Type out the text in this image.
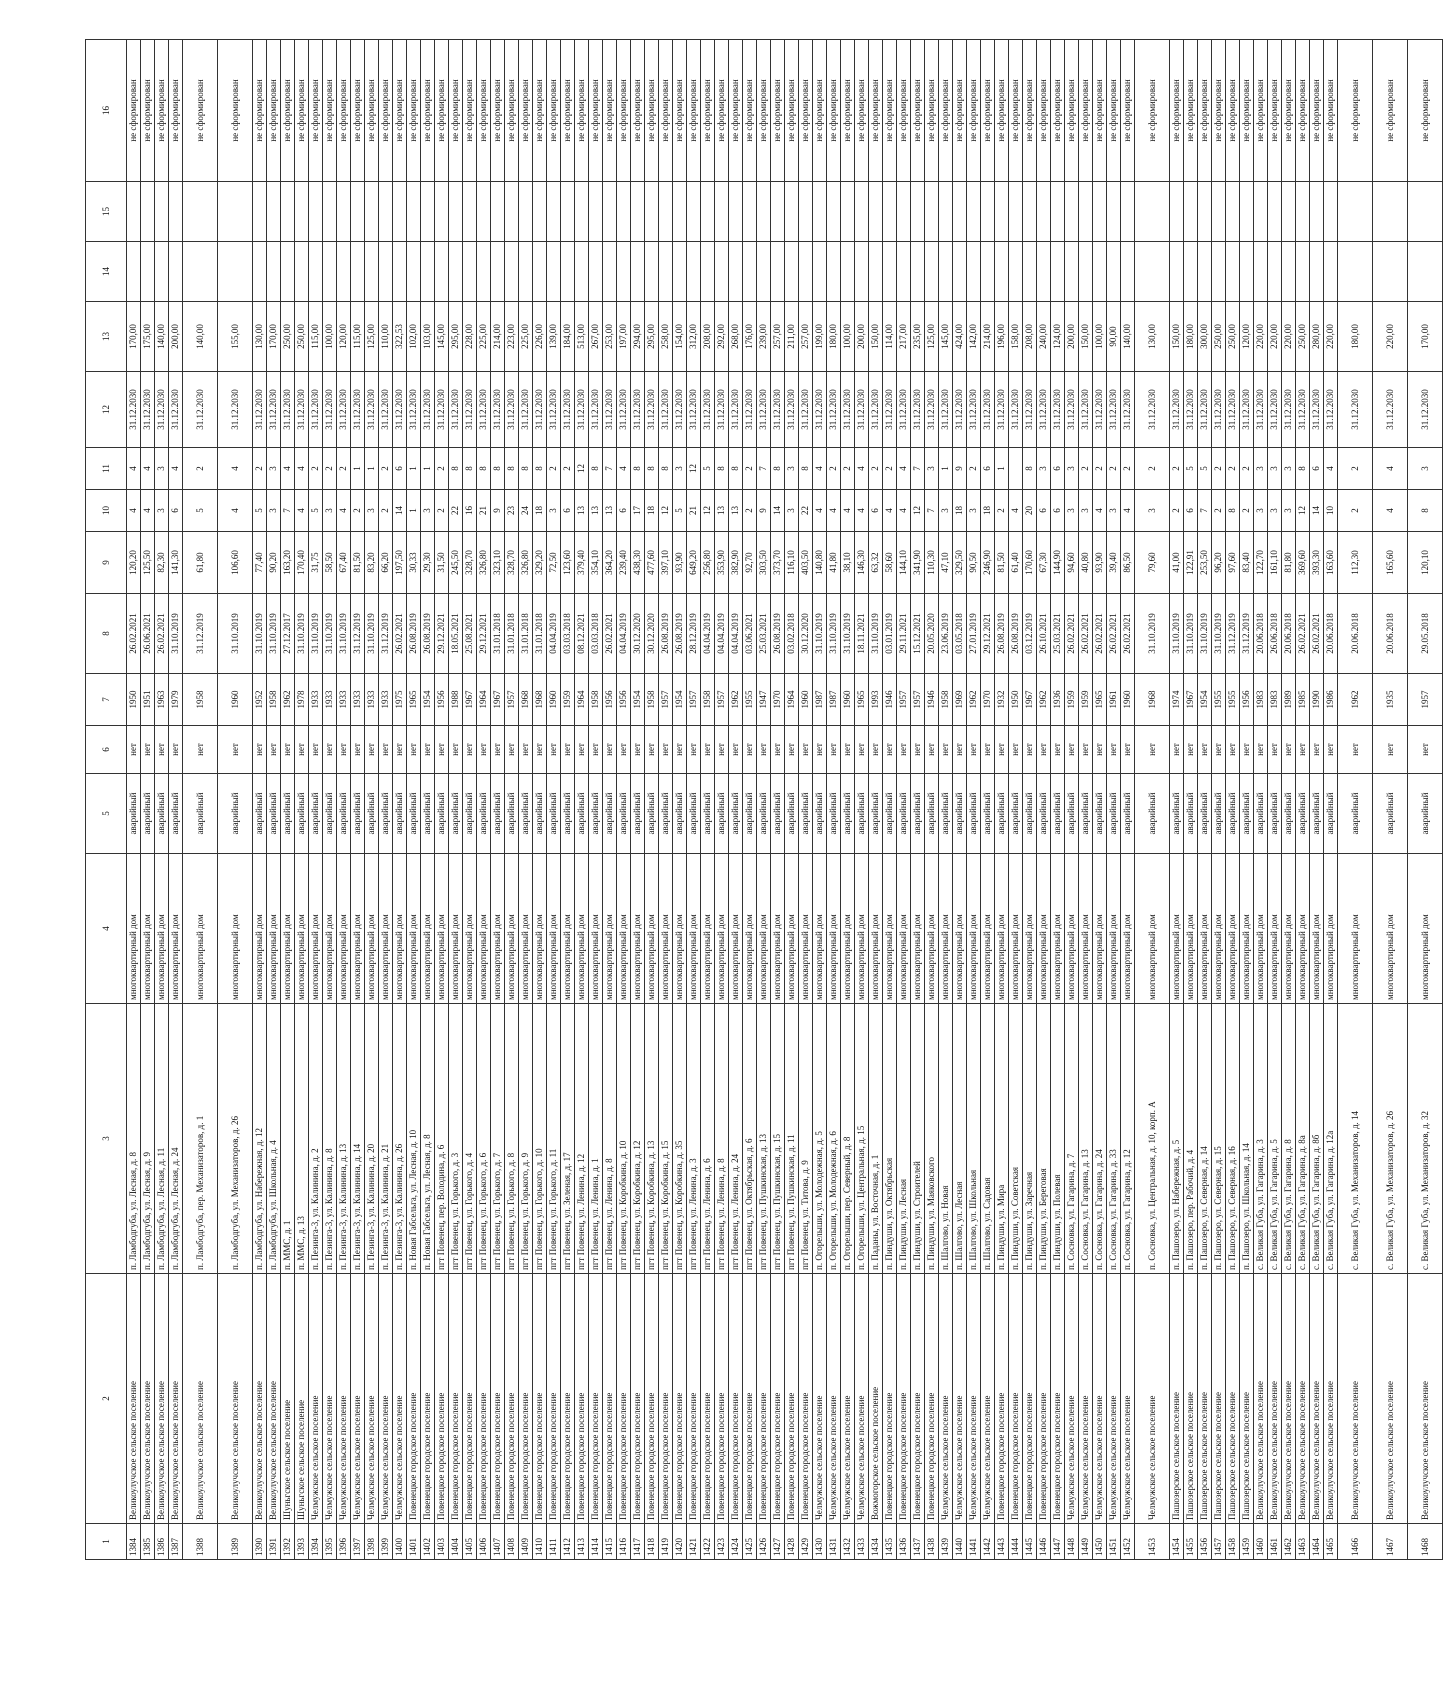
1	2	3	4	5	6	7	8	9	10	11	12	13	14	15	16
1384	Великоулучское сельское поселение	п. Ламбодгуба, ул. Лесная, д. 8	многоквартирный дом	аварийный	нет	1950	26.02.2021	120,20	4	4	31.12.2030	170,00			не сформирован
1385	Великоулучское сельское поселение	п. Ламбодгуба, ул. Лесная, д. 9	многоквартирный дом	аварийный	нет	1951	26.06.2021	125,50	4	4	31.12.2030	175,00			не сформирован
1386	Великоулучское сельское поселение	п. Ламбодгуба, ул. Лесная, д. 11	многоквартирный дом	аварийный	нет	1963	26.02.2021	82,30	3	3	31.12.2030	140,00			не сформирован
1387	Великоулучское сельское поселение	п. Ламбодгуба, ул. Лесная, д. 24	многоквартирный дом	аварийный	нет	1979	31.10.2019	141,30	6	4	31.12.2030	200,00			не сформирован
1388	Великоулучское сельское поселение	п. Ламбодгуба, пер. Механизаторов, д. 1	многоквартирный дом	аварийный	нет	1958	31.12.2019	61,80	5	2	31.12.2030	140,00			не сформирован
1389	Великоулучское сельское поселение	п. Ламбодгуба, ул. Механизаторов, д. 26	многоквартирный дом	аварийный	нет	1960	31.10.2019	106,60	4	4	31.12.2030	155,00			не сформирован
1390	Великоулучское сельское поселение	п. Ламбодгуба, ул. Набережная, д. 12	многоквартирный дом	аварийный	нет	1952	31.10.2019	77,40	5	2	31.12.2030	130,00			не сформирован
1391	Великоулучское сельское поселение	п. Ламбодгуба, ул. Школьная, д. 4	многоквартирный дом	аварийный	нет	1958	31.10.2019	90,20	3	3	31.12.2030	170,00			не сформирован
1392	Шуньгское сельское поселение	п. ММС, д. 1	многоквартирный дом	аварийный	нет	1962	27.12.2017	163,20	7	4	31.12.2030	250,00			не сформирован
1393	Шуньгское сельское поселение	п. ММС, д. 13	многоквартирный дом	аварийный	нет	1978	31.10.2019	170,40	4	4	31.12.2030	250,00			не сформирован
1394	Челмужское сельское поселение	п. Пезинга-3, ул. Калинина, д. 2	многоквартирный дом	аварийный	нет	1933	31.10.2019	31,75	5	2	31.12.2030	115,00			не сформирован
1395	Челмужское сельское поселение	п. Пезинга-3, ул. Калинина, д. 8	многоквартирный дом	аварийный	нет	1933	31.10.2019	58,50	3	2	31.12.2030	100,00			не сформирован
1396	Челмужское сельское поселение	п. Пезинга-3, ул. Калинина, д. 13	многоквартирный дом	аварийный	нет	1933	31.10.2019	67,40	4	2	31.12.2030	120,00			не сформирован
1397	Челмужское сельское поселение	п. Пезинга-3, ул. Калинина, д. 14	многоквартирный дом	аварийный	нет	1933	31.12.2019	81,50	2	1	31.12.2030	115,00			не сформирован
1398	Челмужское сельское поселение	п. Пезинга-3, ул. Калинина, д. 20	многоквартирный дом	аварийный	нет	1933	31.10.2019	83,20	3	1	31.12.2030	125,00			не сформирован
1399	Челмужское сельское поселение	п. Пезинга-3, ул. Калинина, д. 21	многоквартирный дом	аварийный	нет	1933	31.12.2019	66,20	2	2	31.12.2030	110,00			не сформирован
1400	Челмужское сельское поселение	п. Пезинга-3, ул. Калинина, д. 26	многоквартирный дом	аварийный	нет	1975	26.02.2021	197,50	14	6	31.12.2030	322,53			не сформирован
1401	Повенецкое городское поселение	п. Новая Габсельга, ул. Лесная, д. 10	многоквартирный дом	аварийный	нет	1965	26.08.2019	30,33	1	1	31.12.2030	102,00			не сформирован
1402	Повенецкое городское поселение	п. Новая Габсельга, ул. Лесная, д. 8	многоквартирный дом	аварийный	нет	1954	26.08.2019	29,30	3	1	31.12.2030	103,00			не сформирован
1403	Повенецкое городское поселение	пгт Повенец, пер. Володина, д. 6	многоквартирный дом	аварийный	нет	1956	29.12.2021	31,50	2	2	31.12.2030	145,00			не сформирован
1404	Повенецкое городское поселение	пгт Повенец, ул. Горького, д. 3	многоквартирный дом	аварийный	нет	1988	18.05.2021	245,50	22	8	31.12.2030	295,00			не сформирован
1405	Повенецкое городское поселение	пгт Повенец, ул. Горького, д. 4	многоквартирный дом	аварийный	нет	1967	25.08.2021	328,70	16	8	31.12.2030	228,00			не сформирован
1406	Повенецкое городское поселение	пгт Повенец, ул. Горького, д. 6	многоквартирный дом	аварийный	нет	1964	29.12.2021	326,80	21	8	31.12.2030	225,00			не сформирован
1407	Повенецкое городское поселение	пгт Повенец, ул. Горького, д. 7	многоквартирный дом	аварийный	нет	1967	31.01.2018	323,10	9	8	31.12.2030	214,00			не сформирован
1408	Повенецкое городское поселение	пгт Повенец, ул. Горького, д. 8	многоквартирный дом	аварийный	нет	1957	31.01.2018	328,70	23	8	31.12.2030	223,00			не сформирован
1409	Повенецкое городское поселение	пгт Повенец, ул. Горького, д. 9	многоквартирный дом	аварийный	нет	1968	31.01.2018	326,80	24	8	31.12.2030	225,00			не сформирован
1410	Повенецкое городское поселение	пгт Повенец, ул. Горького, д. 10	многоквартирный дом	аварийный	нет	1968	31.01.2018	329,20	18	8	31.12.2030	226,00			не сформирован
1411	Повенецкое городское поселение	пгт Повенец, ул. Горького, д. 11	многоквартирный дом	аварийный	нет	1960	04.04.2019	72,50	3	2	31.12.2030	139,00			не сформирован
1412	Повенецкое городское поселение	пгт Повенец, ул. Зеленая, д. 17	многоквартирный дом	аварийный	нет	1959	03.03.2018	123,60	6	2	31.12.2030	184,00			не сформирован
1413	Повенецкое городское поселение	пгт Повенец, ул. Ленина, д. 12	многоквартирный дом	аварийный	нет	1964	08.12.2021	379,40	13	12	31.12.2030	513,00			не сформирован
1414	Повенецкое городское поселение	пгт Повенец, ул. Ленина, д. 1	многоквартирный дом	аварийный	нет	1958	03.03.2018	354,10	13	8	31.12.2030	267,00			не сформирован
1415	Повенецкое городское поселение	пгт Повенец, ул. Ленина, д. 8	многоквартирный дом	аварийный	нет	1956	26.02.2021	364,20	13	7	31.12.2030	253,00			не сформирован
1416	Повенецкое городское поселение	пгт Повенец, ул. Коробкина, д. 10	многоквартирный дом	аварийный	нет	1956	04.04.2019	239,40	6	4	31.12.2030	197,00			не сформирован
1417	Повенецкое городское поселение	пгт Повенец, ул. Коробкина, д. 12	многоквартирный дом	аварийный	нет	1954	30.12.2020	438,30	17	8	31.12.2030	294,00			не сформирован
1418	Повенецкое городское поселение	пгт Повенец, ул. Коробкина, д. 13	многоквартирный дом	аварийный	нет	1958	30.12.2020	477,60	18	8	31.12.2030	295,00			не сформирован
1419	Повенецкое городское поселение	пгт Повенец, ул. Коробкина, д. 15	многоквартирный дом	аварийный	нет	1957	26.08.2019	397,10	12	8	31.12.2030	258,00			не сформирован
1420	Повенецкое городское поселение	пгт Повенец, ул. Коробкина, д. 35	многоквартирный дом	аварийный	нет	1954	26.08.2019	93,90	5	3	31.12.2030	154,00			не сформирован
1421	Повенецкое городское поселение	пгт Повенец, ул. Ленина, д. 3	многоквартирный дом	аварийный	нет	1957	28.12.2019	649,20	21	12	31.12.2030	312,00			не сформирован
1422	Повенецкое городское поселение	пгт Повенец, ул. Ленина, д. 6	многоквартирный дом	аварийный	нет	1958	04.04.2019	256,80	12	5	31.12.2030	208,00			не сформирован
1423	Повенецкое городское поселение	пгт Повенец, ул. Ленина, д. 8	многоквартирный дом	аварийный	нет	1957	04.04.2019	353,90	13	8	31.12.2030	292,00			не сформирован
1424	Повенецкое городское поселение	пгт Повенец, ул. Ленина, д. 24	многоквартирный дом	аварийный	нет	1962	04.04.2019	382,90	13	8	31.12.2030	268,00			не сформирован
1425	Повенецкое городское поселение	пгт Повенец, ул. Октябрьская, д. 6	многоквартирный дом	аварийный	нет	1955	03.06.2021	92,70	2	2	31.12.2030	176,00			не сформирован
1426	Повенецкое городское поселение	пгт Повенец, ул. Пушкинская, д. 13	многоквартирный дом	аварийный	нет	1947	25.03.2021	303,50	9	7	31.12.2030	239,00			не сформирован
1427	Повенецкое городское поселение	пгт Повенец, ул. Пушкинская, д. 15	многоквартирный дом	аварийный	нет	1970	26.08.2019	373,70	14	8	31.12.2030	257,00			не сформирован
1428	Повенецкое городское поселение	пгт Повенец, ул. Пушкинская, д. 11	многоквартирный дом	аварийный	нет	1964	03.02.2018	116,10	3	3	31.12.2030	211,00			не сформирован
1429	Повенецкое городское поселение	пгт Повенец, ул. Титова, д. 9	многоквартирный дом	аварийный	нет	1960	30.12.2020	403,50	22	8	31.12.2030	257,00			не сформирован
1430	Челмужское сельское поселение	п. Огорелыши, ул. Молодежная, д. 5	многоквартирный дом	аварийный	нет	1987	31.10.2019	140,80	4	4	31.12.2030	199,00			не сформирован
1431	Челмужское сельское поселение	п. Огорелыши, ул. Молодежная, д. 6	многоквартирный дом	аварийный	нет	1987	31.10.2019	41,80	4	2	31.12.2030	180,00			не сформирован
1432	Челмужское сельское поселение	п. Огорелыши, пер. Северный, д. 8	многоквартирный дом	аварийный	нет	1960	31.10.2019	38,10	4	2	31.12.2030	100,00			не сформирован
1433	Челмужское сельское поселение	п. Огорелыши, ул. Центральная, д. 15	многоквартирный дом	аварийный	нет	1965	18.11.2021	146,30	4	4	31.12.2030	200,00			не сформирован
1434	Вожмогорское сельское поселение	п. Паданы, ул. Восточная, д. 1	многоквартирный дом	аварийный	нет	1993	31.10.2019	63,32	6	2	31.12.2030	150,00			не сформирован
1435	Повенецкое городское поселение	п. Пиндуши, ул. Октябрьская	многоквартирный дом	аварийный	нет	1946	03.01.2019	58,60	4	2	31.12.2030	114,00			не сформирован
1436	Повенецкое городское поселение	п. Пиндуши, ул. Лесная	многоквартирный дом	аварийный	нет	1957	29.11.2021	144,10	4	4	31.12.2030	217,00			не сформирован
1437	Повенецкое городское поселение	п. Пиндуши, ул. Строителей	многоквартирный дом	аварийный	нет	1957	15.12.2021	341,90	12	7	31.12.2030	235,00			не сформирован
1438	Повенецкое городское поселение	п. Пиндуши, ул. Маяковского	многоквартирный дом	аварийный	нет	1946	20.05.2020	110,30	7	3	31.12.2030	125,00			не сформирован
1439	Челмужское сельское поселение	п. Шалгово, ул. Новая	многоквартирный дом	аварийный	нет	1958	23.06.2019	47,10	3	1	31.12.2030	145,00			не сформирован
1440	Челмужское сельское поселение	п. Шалгово, ул. Лесная	многоквартирный дом	аварийный	нет	1969	03.05.2018	329,50	18	9	31.12.2030	424,00			не сформирован
1441	Челмужское сельское поселение	п. Шалгово, ул. Школьная	многоквартирный дом	аварийный	нет	1962	27.01.2019	90,50	3	2	31.12.2030	142,00			не сформирован
1442	Челмужское сельское поселение	п. Шалгово, ул. Садовая	многоквартирный дом	аварийный	нет	1970	29.12.2021	246,90	18	6	31.12.2030	214,00			не сформирован
1443	Повенецкое городское поселение	п. Пиндуши, ул. Мира	многоквартирный дом	аварийный	нет	1932	26.08.2019	81,50	2	1	31.12.2030	196,00			не сформирован
1444	Повенецкое городское поселение	п. Пиндуши, ул. Советская	многоквартирный дом	аварийный	нет	1950	26.08.2019	61,40	4		31.12.2030	158,00			не сформирован
1445	Повенецкое городское поселение	п. Пиндуши, ул. Заречная	многоквартирный дом	аварийный	нет	1967	03.12.2019	170,60	20	8	31.12.2030	208,00			не сформирован
1446	Повенецкое городское поселение	п. Пиндуши, ул. Береговая	многоквартирный дом	аварийный	нет	1962	26.10.2021	67,30	6	3	31.12.2030	240,00			не сформирован
1447	Повенецкое городское поселение	п. Пиндуши, ул. Полевая	многоквартирный дом	аварийный	нет	1936	25.03.2021	144,90	6	6	31.12.2030	124,00			не сформирован
1448	Челмужское сельское поселение	п. Сосновка, ул. Гагарина, д. 7	многоквартирный дом	аварийный	нет	1959	26.02.2021	94,60	3	3	31.12.2030	200,00			не сформирован
1449	Челмужское сельское поселение	п. Сосновка, ул. Гагарина, д. 13	многоквартирный дом	аварийный	нет	1959	26.02.2021	40,80	3	2	31.12.2030	150,00			не сформирован
1450	Челмужское сельское поселение	п. Сосновка, ул. Гагарина, д. 24	многоквартирный дом	аварийный	нет	1965	26.02.2021	93,90	4	2	31.12.2030	100,00			не сформирован
1451	Челмужское сельское поселение	п. Сосновка, ул. Гагарина, д. 33	многоквартирный дом	аварийный	нет	1961	26.02.2021	39,40	3	2	31.12.2030	90,00			не сформирован
1452	Челмужское сельское поселение	п. Сосновка, ул. Гагарина, д. 12	многоквартирный дом	аварийный	нет	1960	26.02.2021	86,50	4	2	31.12.2030	140,00			не сформирован
1453	Челмужское сельское поселение	п. Сосновка, ул. Центральная, д. 10, корп. А	многоквартирный дом	аварийный	нет	1968	31.10.2019	79,60	3	2	31.12.2030	130,00			не сформирован
1454	Пашозерское сельское поселение	п. Пашозеро, ул. Набережная, д. 5	многоквартирный дом	аварийный	нет	1974	31.10.2019	41,00	2	2	31.12.2030	150,00			не сформирован
1455	Пашозерское сельское поселение	п. Пашозеро, пер. Рабочий, д. 4	многоквартирный дом	аварийный	нет	1967	31.10.2019	122,91	6	5	31.12.2030	180,00			не сформирован
1456	Пашозерское сельское поселение	п. Пашозеро, ул. Северная, д. 14	многоквартирный дом	аварийный	нет	1954	31.10.2019	253,50	7	5	31.12.2030	300,00			не сформирован
1457	Пашозерское сельское поселение	п. Пашозеро, ул. Северная, д. 15	многоквартирный дом	аварийный	нет	1955	31.10.2019	96,20	2	2	31.12.2030	250,00			не сформирован
1458	Пашозерское сельское поселение	п. Пашозеро, ул. Северная, д. 16	многоквартирный дом	аварийный	нет	1955	31.12.2019	97,60	8	2	31.12.2030	250,00			не сформирован
1459	Пашозерское сельское поселение	п. Пашозеро, ул. Школьная, д. 14	многоквартирный дом	аварийный	нет	1956	31.12.2019	83,40	2	2	31.12.2030	120,00			не сформирован
1460	Великоулучское сельское поселение	с. Великая Губа, ул. Гагарина, д. 3	многоквартирный дом	аварийный	нет	1983	20.06.2018	122,70	3	3	31.12.2030	220,00			не сформирован
1461	Великоулучское сельское поселение	с. Великая Губа, ул. Гагарина, д. 5	многоквартирный дом	аварийный	нет	1983	26.06.2018	161,10	3	3	31.12.2030	220,00			не сформирован
1462	Великоулучское сельское поселение	с. Великая Губа, ул. Гагарина, д. 8	многоквартирный дом	аварийный	нет	1989	20.06.2018	81,80	3	3	31.12.2030	220,00			не сформирован
1463	Великоулучское сельское поселение	с. Великая Губа, ул. Гагарина, д. 8а	многоквартирный дом	аварийный	нет	1985	26.02.2021	369,60	12	8	31.12.2030	250,00			не сформирован
1464	Великоулучское сельское поселение	с. Великая Губа, ул. Гагарина, д. 8б	многоквартирный дом	аварийный	нет	1990	26.02.2021	393,30	14	6	31.12.2030	280,00			не сформирован
1465	Великоулучское сельское поселение	с. Великая Губа, ул. Гагарина, д. 12а	многоквартирный дом	аварийный	нет	1986	20.06.2018	163,60	10	4	31.12.2030	220,00			не сформирован
1466	Великоулучское сельское поселение	с. Великая Губа, ул. Механизаторов, д. 14	многоквартирный дом	аварийный	нет	1962	20.06.2018	112,30	2	2	31.12.2030	180,00			не сформирован
1467	Великоулучское сельское поселение	с. Великая Губа, ул. Механизаторов, д. 26	многоквартирный дом	аварийный	нет	1935	20.06.2018	165,60	4	4	31.12.2030	220,00			не сформирован
1468	Великоулучское сельское поселение	с. Великая Губа, ул. Механизаторов, д. 32	многоквартирный дом	аварийный	нет	1957	29.05.2018	120,10	8	3	31.12.2030	170,00			не сформирован
